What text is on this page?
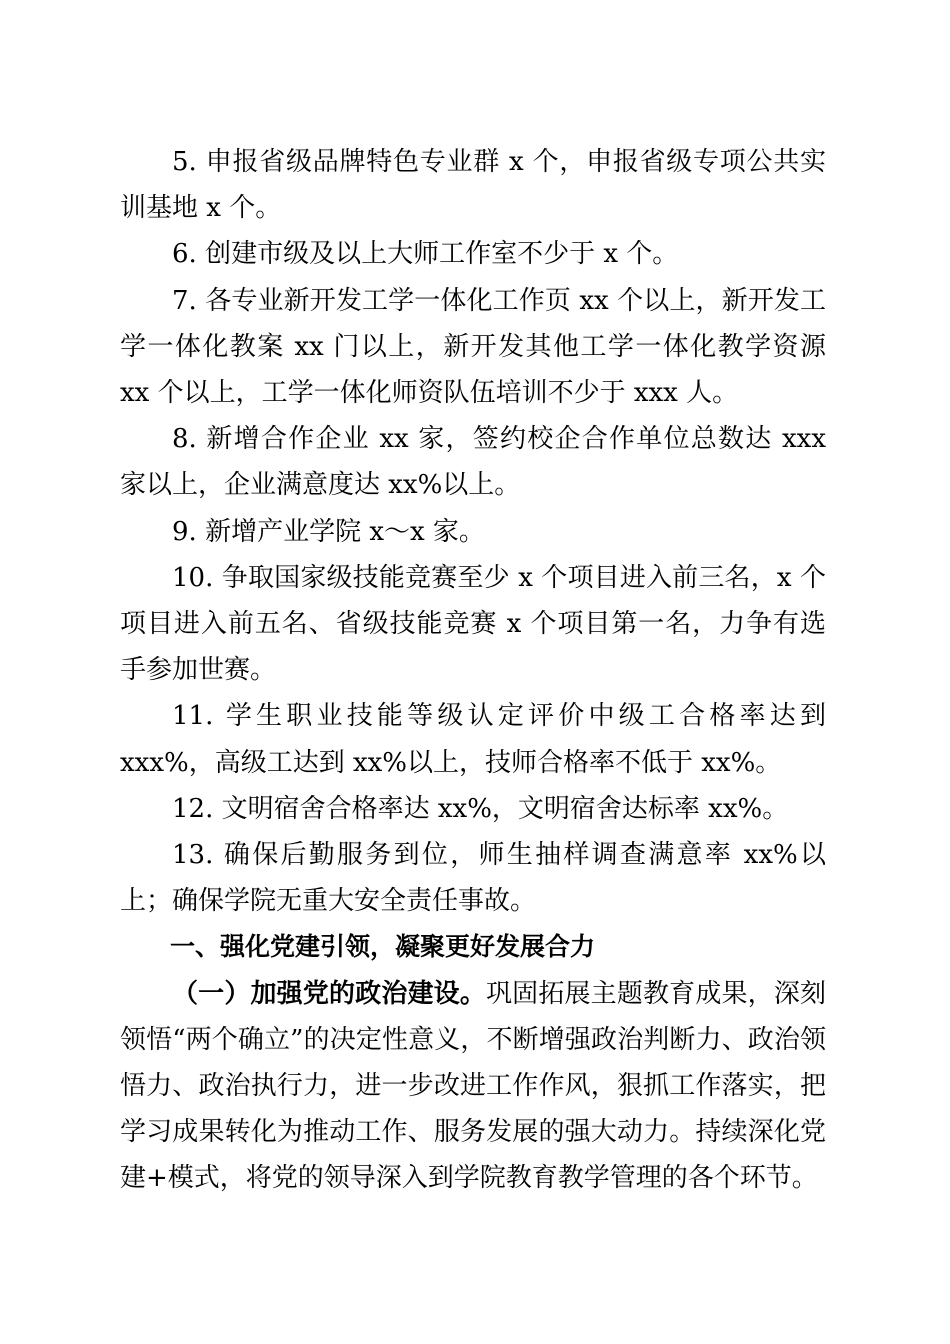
5. 申报省级品牌特色专业群 x 个，申报省级专项公共实训基地 x 个。

6. 创建市级及以上大师工作室不少于 x 个。

7. 各专业新开发工学一体化工作页 xx 个以上，新开发工学一体化教案 xx 门以上，新开发其他工学一体化教学资源 xx 个以上，工学一体化师资队伍培训不少于 xxx 人。

8. 新增合作企业 xx 家，签约校企合作单位总数达 xxx 家以上，企业满意度达 xx%以上。

9. 新增产业学院 x～x 家。

10. 争取国家级技能竞赛至少 x 个项目进入前三名，x 个项目进入前五名、省级技能竞赛 x 个项目第一名，力争有选手参加世赛。

11. 学生职业技能等级认定评价中级工合格率达到 xxx%，高级工达到 xx%以上，技师合格率不低于 xx%。

12. 文明宿舍合格率达 xx%，文明宿舍达标率 xx%。

13. 确保后勤服务到位，师生抽样调查满意率 xx%以上；确保学院无重大安全责任事故。

一、强化党建引领，凝聚更好发展合力

（一）加强党的政治建设。巩固拓展主题教育成果，深刻领悟“两个确立”的决定性意义，不断增强政治判断力、政治领悟力、政治执行力，进一步改进工作作风，狠抓工作落实，把学习成果转化为推动工作、服务发展的强大动力。持续深化党建+模式，将党的领导深入到学院教育教学管理的各个环节。
